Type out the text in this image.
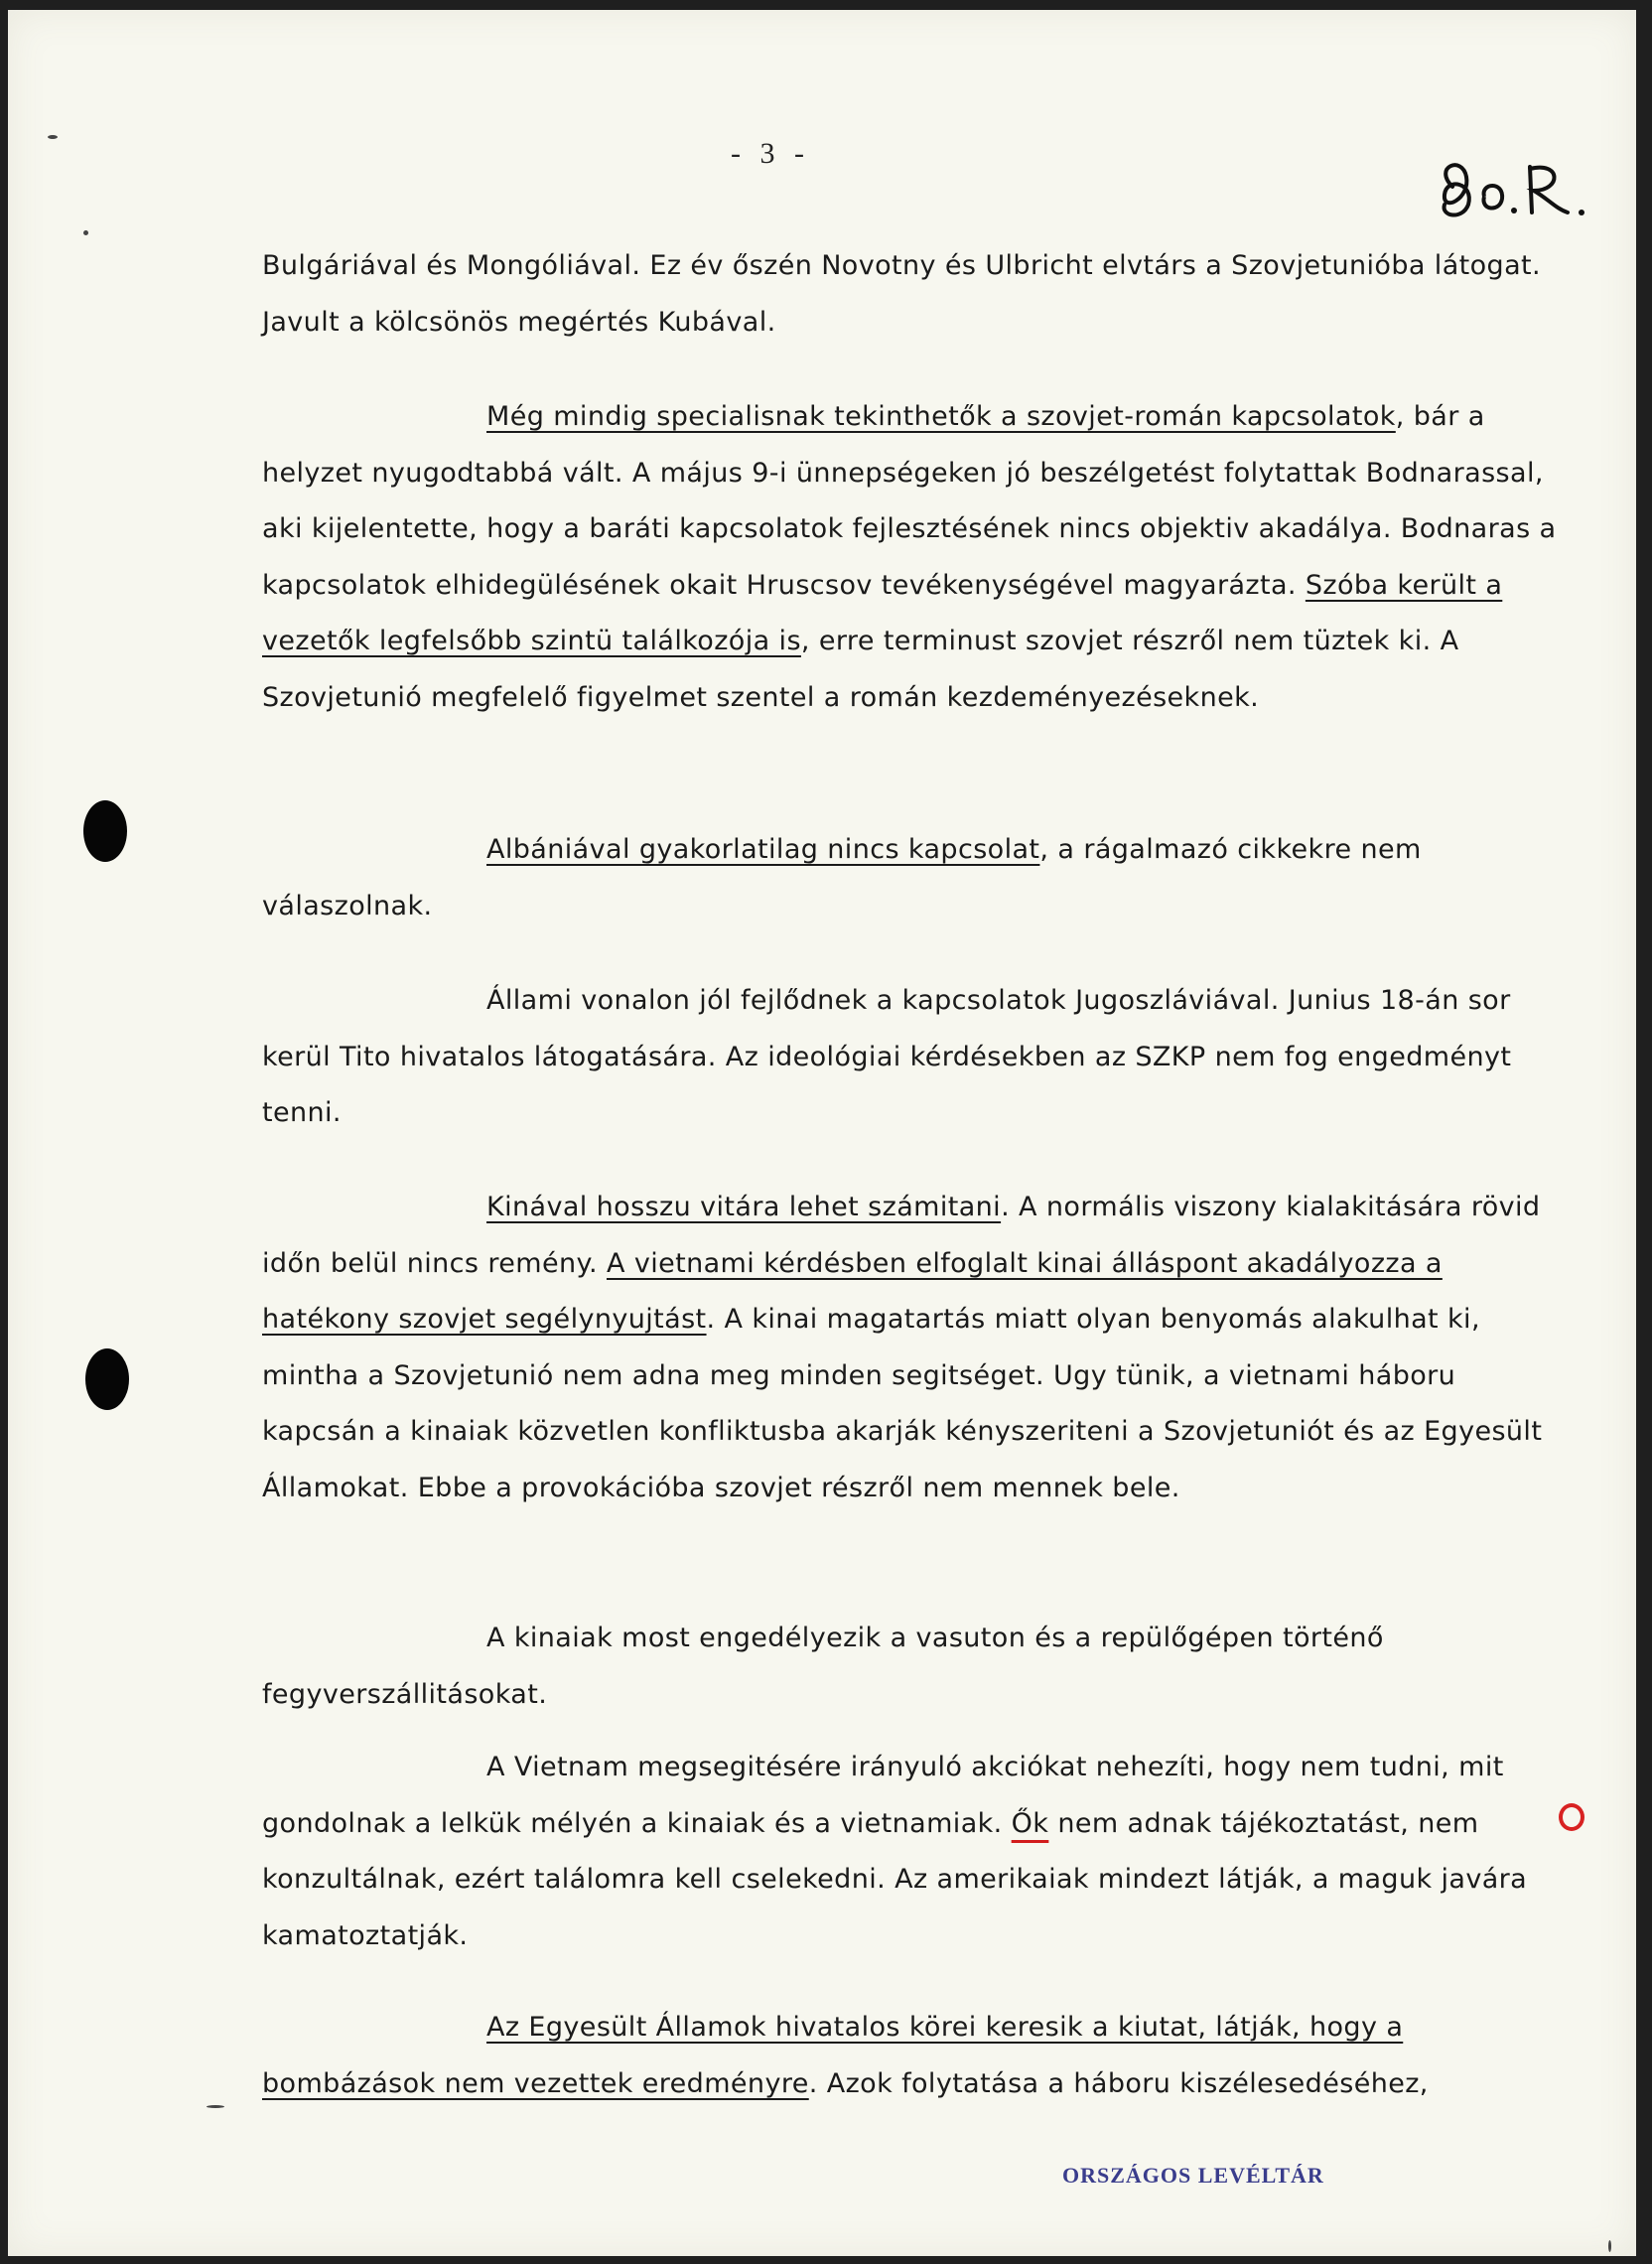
- 3 -

Bulgáriával és Mongóliával. Ez év őszén Novotny és Ulbricht elvtárs a Szovjetunióba látogat. Javult a kölcsönös megértés Kubával.

Még mindig specialisnak tekinthetők a szovjet-román kapcsolatok, bár a helyzet nyugodtabbá vált. A május 9-i ünnepségeken jó beszélgetést folytattak Bodnarassal, aki kijelentette, hogy a baráti kapcsolatok fejlesztésének nincs objektiv akadálya. Bodnaras a kapcsolatok elhidegülésének okait Hruscsov tevékenységével magyarázta. Szóba került a vezetők legfelsőbb szintü találkozója is, erre terminust szovjet részről nem tüztek ki. A Szovjetunió megfelelő figyelmet szentel a román kezdeményezéseknek.

Albániával gyakorlatilag nincs kapcsolat, a rágalmazó cikkekre nem válaszolnak.

Állami vonalon jól fejlődnek a kapcsolatok Jugoszláviával. Junius 18-án sor kerül Tito hivatalos látogatására. Az ideológiai kérdésekben az SZKP nem fog engedményt tenni.

Kinával hosszu vitára lehet számitani. A normális viszony kialakitására rövid időn belül nincs remény. A vietnami kérdésben elfoglalt kinai álláspont akadályozza a hatékony szovjet segélynyujtást. A kinai magatartás miatt olyan benyomás alakulhat ki, mintha a Szovjetunió nem adna meg minden segitséget. Ugy tünik, a vietnami háboru kapcsán a kinaiak közvetlen konfliktusba akarják kényszeriteni a Szovjetuniót és az Egyesült Államokat. Ebbe a provokációba szovjet részről nem mennek bele.

A kinaiak most engedélyezik a vasuton és a repülőgépen történő fegyverszállitásokat.

A Vietnam megsegitésére irányuló akciókat nehezíti, hogy nem tudni, mit gondolnak a lelkük mélyén a kinaiak és a vietnamiak. Ők nem adnak tájékoztatást, nem konzultálnak, ezért találomra kell cselekedni. Az amerikaiak mindezt látják, a maguk javára kamatoztatják.

Az Egyesült Államok hivatalos körei keresik a kiutat, látják, hogy a bombázások nem vezettek eredményre. Azok folytatása a háboru kiszélesedéséhez,

ORSZÁGOS LEVÉLTÁR
